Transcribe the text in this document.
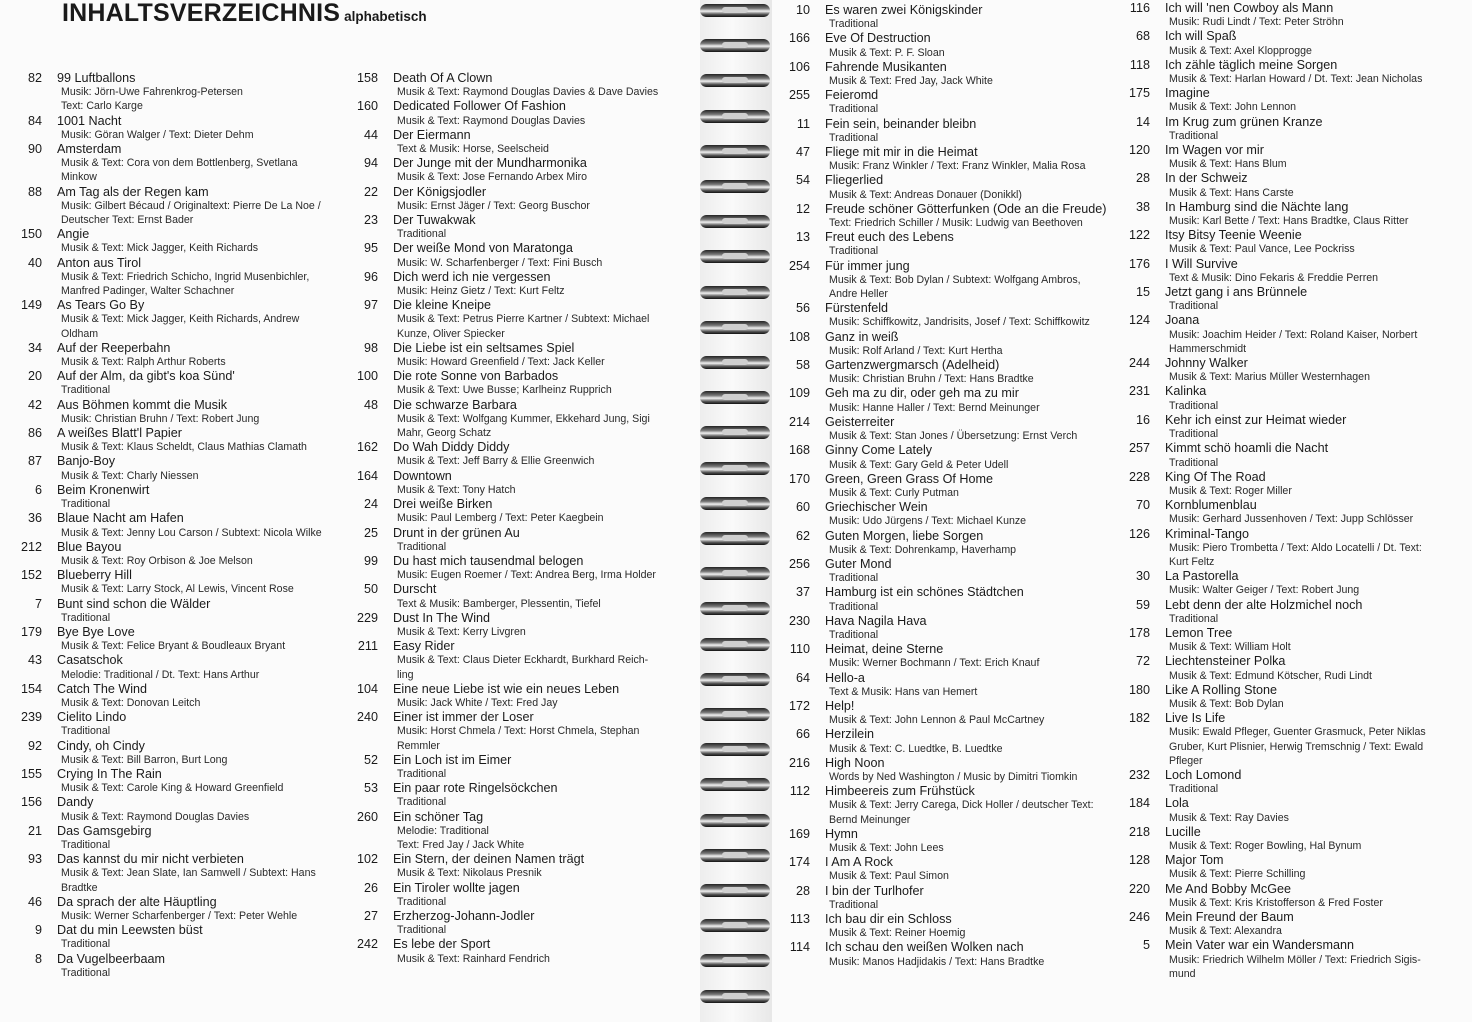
INHALTSVERZEICHNIS alphabetisch
82 99 Luftballons
Musik: Jörn-Uwe Fahrenkrog-Petersen
Text: Carlo Karge
84 1001 Nacht
Musik: Göran Walger / Text: Dieter Dehm
90 Amsterdam
Musik & Text: Cora von dem Bottlenberg, Svetlana
Minkow
88 Am Tag als der Regen kam
Musik: Gilbert Bécaud / Originaltext: Pierre De La Noe /
Deutscher Text: Ernst Bader
150 Angie
Musik & Text: Mick Jagger, Keith Richards
40 Anton aus Tirol
Musik & Text: Friedrich Schicho, Ingrid Musenbichler,
Manfred Padinger, Walter Schachner
149 As Tears Go By
Musik & Text: Mick Jagger, Keith Richards, Andrew
Oldham
34 Auf der Reeperbahn
Musik & Text: Ralph Arthur Roberts
20 Auf der Alm, da gibt's koa Sünd'
Traditional
42 Aus Böhmen kommt die Musik
Musik: Christian Bruhn / Text: Robert Jung
86 A weißes Blatt'l Papier
Musik & Text: Klaus Scheldt, Claus Mathias Clamath
87 Banjo-Boy
Musik & Text: Charly Niessen
6 Beim Kronenwirt
Traditional
36 Blaue Nacht am Hafen
Musik & Text: Jenny Lou Carson / Subtext: Nicola Wilke
212 Blue Bayou
Musik & Text: Roy Orbison & Joe Melson
152 Blueberry Hill
Musik & Text: Larry Stock, Al Lewis, Vincent Rose
7 Bunt sind schon die Wälder
Traditional
179 Bye Bye Love
Musik & Text: Felice Bryant & Boudleaux Bryant
43 Casatschok
Melodie: Traditional / Dt. Text: Hans Arthur
154 Catch The Wind
Musik & Text: Donovan Leitch
239 Cielito Lindo
Traditional
92 Cindy, oh Cindy
Musik & Text: Bill Barron, Burt Long
155 Crying In The Rain
Musik & Text: Carole King & Howard Greenfield
156 Dandy
Musik & Text: Raymond Douglas Davies
21 Das Gamsgebirg
Traditional
93 Das kannst du mir nicht verbieten
Musik & Text: Jean Slate, Ian Samwell / Subtext: Hans
Bradtke
46 Da sprach der alte Häuptling
Musik: Werner Scharfenberger / Text: Peter Wehle
9 Dat du min Leewsten büst
Traditional
8 Da Vugelbeerbaam
Traditional
158 Death Of A Clown
Musik & Text: Raymond Douglas Davies & Dave Davies
160 Dedicated Follower Of Fashion
Musik & Text: Raymond Douglas Davies
44 Der Eiermann
Text & Musik: Horse, Seelscheid
94 Der Junge mit der Mundharmonika
Musik & Text: Jose Fernando Arbex Miro
22 Der Königsjodler
Musik: Ernst Jäger / Text: Georg Buschor
23 Der Tuwakwak
Traditional
95 Der weiße Mond von Maratonga
Musik: W. Scharfenberger / Text: Fini Busch
96 Dich werd ich nie vergessen
Musik: Heinz Gietz / Text: Kurt Feltz
97 Die kleine Kneipe
Musik & Text: Petrus Pierre Kartner / Subtext: Michael
Kunze, Oliver Spiecker
98 Die Liebe ist ein seltsames Spiel
Musik: Howard Greenfield / Text: Jack Keller
100 Die rote Sonne von Barbados
Musik & Text: Uwe Busse; Karlheinz Rupprich
48 Die schwarze Barbara
Musik & Text: Wolfgang Kummer, Ekkehard Jung, Sigi
Mahr, Georg Schatz
162 Do Wah Diddy Diddy
Musik & Text: Jeff Barry & Ellie Greenwich
164 Downtown
Musik & Text: Tony Hatch
24 Drei weiße Birken
Musik: Paul Lemberg / Text: Peter Kaegbein
25 Drunt in der grünen Au
Traditional
99 Du hast mich tausendmal belogen
Musik: Eugen Roemer / Text: Andrea Berg, Irma Holder
50 Durscht
Text & Musik: Bamberger, Plessentin, Tiefel
229 Dust In The Wind
Musik & Text: Kerry Livgren
211 Easy Rider
Musik & Text: Claus Dieter Eckhardt, Burkhard Reich-
ling
104 Eine neue Liebe ist wie ein neues Leben
Musik: Jack White / Text: Fred Jay
240 Einer ist immer der Loser
Musik: Horst Chmela / Text: Horst Chmela, Stephan
Remmler
52 Ein Loch ist im Eimer
Traditional
53 Ein paar rote Ringelsöckchen
Traditional
260 Ein schöner Tag
Melodie: Traditional
Text: Fred Jay / Jack White
102 Ein Stern, der deinen Namen trägt
Musik & Text: Nikolaus Presnik
26 Ein Tiroler wollte jagen
Traditional
27 Erzherzog-Johann-Jodler
Traditional
242 Es lebe der Sport
Musik & Text: Rainhard Fendrich
10 Es waren zwei Königskinder
Traditional
166 Eve Of Destruction
Musik & Text: P. F. Sloan
106 Fahrende Musikanten
Musik & Text: Fred Jay, Jack White
255 Feieromd
Traditional
11 Fein sein, beinander bleibn
Traditional
47 Fliege mit mir in die Heimat
Musik: Franz Winkler / Text: Franz Winkler, Malia Rosa
54 Fliegerlied
Musik & Text: Andreas Donauer (Donikkl)
12 Freude schöner Götterfunken (Ode an die Freude)
Text: Friedrich Schiller / Musik: Ludwig van Beethoven
13 Freut euch des Lebens
Traditional
254 Für immer jung
Musik & Text: Bob Dylan / Subtext: Wolfgang Ambros,
Andre Heller
56 Fürstenfeld
Musik: Schiffkowitz, Jandrisits, Josef / Text: Schiffkowitz
108 Ganz in weiß
Musik: Rolf Arland / Text: Kurt Hertha
58 Gartenzwergmarsch (Adelheid)
Musik: Christian Bruhn / Text: Hans Bradtke
109 Geh ma zu dir, oder geh ma zu mir
Musik: Hanne Haller / Text: Bernd Meinunger
214 Geisterreiter
Musik & Text: Stan Jones / Übersetzung: Ernst Verch
168 Ginny Come Lately
Musik & Text: Gary Geld & Peter Udell
170 Green, Green Grass Of Home
Musik & Text: Curly Putman
60 Griechischer Wein
Musik: Udo Jürgens / Text: Michael Kunze
62 Guten Morgen, liebe Sorgen
Musik & Text: Dohrenkamp, Haverhamp
256 Guter Mond
Traditional
37 Hamburg ist ein schönes Städtchen
Traditional
230 Hava Nagila Hava
Traditional
110 Heimat, deine Sterne
Musik: Werner Bochmann / Text: Erich Knauf
64 Hello-a
Text & Musik: Hans van Hemert
172 Help!
Musik & Text: John Lennon & Paul McCartney
66 Herzilein
Musik & Text: C. Luedtke, B. Luedtke
216 High Noon
Words by Ned Washington / Music by Dimitri Tiomkin
112 Himbeereis zum Frühstück
Musik & Text: Jerry Carega, Dick Holler / deutscher Text:
Bernd Meinunger
169 Hymn
Musik & Text: John Lees
174 I Am A Rock
Musik & Text: Paul Simon
28 I bin der Turlhofer
Traditional
113 Ich bau dir ein Schloss
Musik & Text: Reiner Hoemig
114 Ich schau den weißen Wolken nach
Musik: Manos Hadjidakis / Text: Hans Bradtke
116 Ich will 'nen Cowboy als Mann
Musik: Rudi Lindt / Text: Peter Ströhn
68 Ich will Spaß
Musik & Text: Axel Klopprogge
118 Ich zähle täglich meine Sorgen
Musik & Text: Harlan Howard / Dt. Text: Jean Nicholas
175 Imagine
Musik & Text: John Lennon
14 Im Krug zum grünen Kranze
Traditional
120 Im Wagen vor mir
Musik & Text: Hans Blum
28 In der Schweiz
Musik & Text: Hans Carste
38 In Hamburg sind die Nächte lang
Musik: Karl Bette / Text: Hans Bradtke, Claus Ritter
122 Itsy Bitsy Teenie Weenie
Musik & Text: Paul Vance, Lee Pockriss
176 I Will Survive
Text & Musik: Dino Fekaris & Freddie Perren
15 Jetzt gang i ans Brünnele
Traditional
124 Joana
Musik: Joachim Heider / Text: Roland Kaiser, Norbert
Hammerschmidt
244 Johnny Walker
Musik & Text: Marius Müller Westernhagen
231 Kalinka
Traditional
16 Kehr ich einst zur Heimat wieder
Traditional
257 Kimmt schö hoamli die Nacht
Traditional
228 King Of The Road
Musik & Text: Roger Miller
70 Kornblumenblau
Musik: Gerhard Jussenhoven / Text: Jupp Schlösser
126 Kriminal-Tango
Musik: Piero Trombetta / Text: Aldo Locatelli / Dt. Text:
Kurt Feltz
30 La Pastorella
Musik: Walter Geiger / Text: Robert Jung
59 Lebt denn der alte Holzmichel noch
Traditional
178 Lemon Tree
Musik & Text: William Holt
72 Liechtensteiner Polka
Musik & Text: Edmund Kötscher, Rudi Lindt
180 Like A Rolling Stone
Musik & Text: Bob Dylan
182 Live Is Life
Musik: Ewald Pfleger, Guenter Grasmuck, Peter Niklas
Gruber, Kurt Plisnier, Herwig Tremschnig / Text: Ewald
Pfleger
232 Loch Lomond
Traditional
184 Lola
Musik & Text: Ray Davies
218 Lucille
Musik & Text: Roger Bowling, Hal Bynum
128 Major Tom
Musik & Text: Pierre Schilling
220 Me And Bobby McGee
Musik & Text: Kris Kristofferson & Fred Foster
246 Mein Freund der Baum
Musik & Text: Alexandra
5 Mein Vater war ein Wandersmann
Musik: Friedrich Wilhelm Möller / Text: Friedrich Sigis-
mund
